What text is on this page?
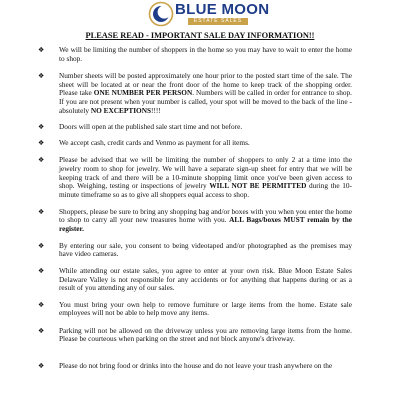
BLUE MOON
ESTATE SALES
PLEASE READ - IMPORTANT SALE DAY INFORMATION!!
❖ We will be limiting the number of shoppers in the home so you may have to wait to enter the home to shop.
❖ Number sheets will be posted approximately one hour prior to the posted start time of the sale. The sheet will be located at or near the front door of the home to keep track of the shopping order. Please take ONE NUMBER PER PERSON. Numbers will be called in order for entrance to shop. If you are not present when your number is called, your spot will be moved to the back of the line - absolutely NO EXCEPTIONS!!!!
❖ Doors will open at the published sale start time and not before.
❖ We accept cash, credit cards and Venmo as payment for all items.
❖ Please be advised that we will be limiting the number of shoppers to only 2 at a time into the jewelry room to shop for jewelry. We will have a separate sign-up sheet for entry that we will be keeping track of and there will be a 10-minute shopping limit once you've been given access to shop. Weighing, testing or inspections of jewelry WILL NOT BE PERMITTED during the 10-minute timeframe so as to give all shoppers equal access to shop.
❖ Shoppers, please be sure to bring any shopping bag and/or boxes with you when you enter the home to shop to carry all your new treasures home with you. ALL Bags/boxes MUST remain by the register.
❖ By entering our sale, you consent to being videotaped and/or photographed as the premises may have video cameras.
❖ While attending our estate sales, you agree to enter at your own risk. Blue Moon Estate Sales Delaware Valley is not responsible for any accidents or for anything that happens during or as a result of you attending any of our sales.
❖ You must bring your own help to remove furniture or large items from the home. Estate sale employees will not be able to help move any items.
❖ Parking will not be allowed on the driveway unless you are removing large items from the home. Please be courteous when parking on the street and not block anyone's driveway.
❖ Please do not bring food or drinks into the house and do not leave your trash anywhere on the
